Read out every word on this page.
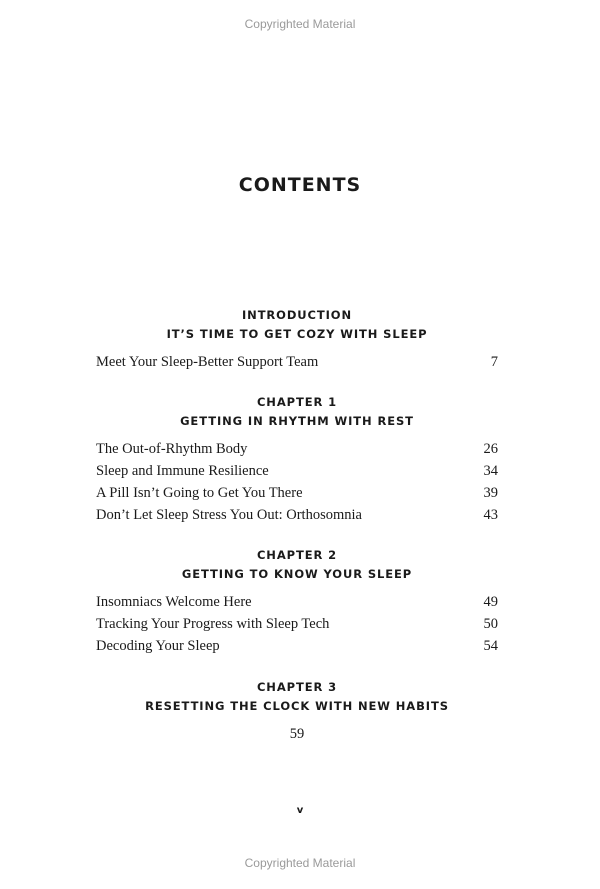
Copyrighted Material
CONTENTS
INTRODUCTION
IT’S TIME TO GET COZY WITH SLEEP
Meet Your Sleep-Better Support Team	7
CHAPTER 1
GETTING IN RHYTHM WITH REST
The Out-of-Rhythm Body	26
Sleep and Immune Resilience	34
A Pill Isn’t Going to Get You There	39
Don’t Let Sleep Stress You Out: Orthosomnia	43
CHAPTER 2
GETTING TO KNOW YOUR SLEEP
Insomniacs Welcome Here	49
Tracking Your Progress with Sleep Tech	50
Decoding Your Sleep	54
CHAPTER 3
RESETTING THE CLOCK WITH NEW HABITS
59
v
Copyrighted Material
